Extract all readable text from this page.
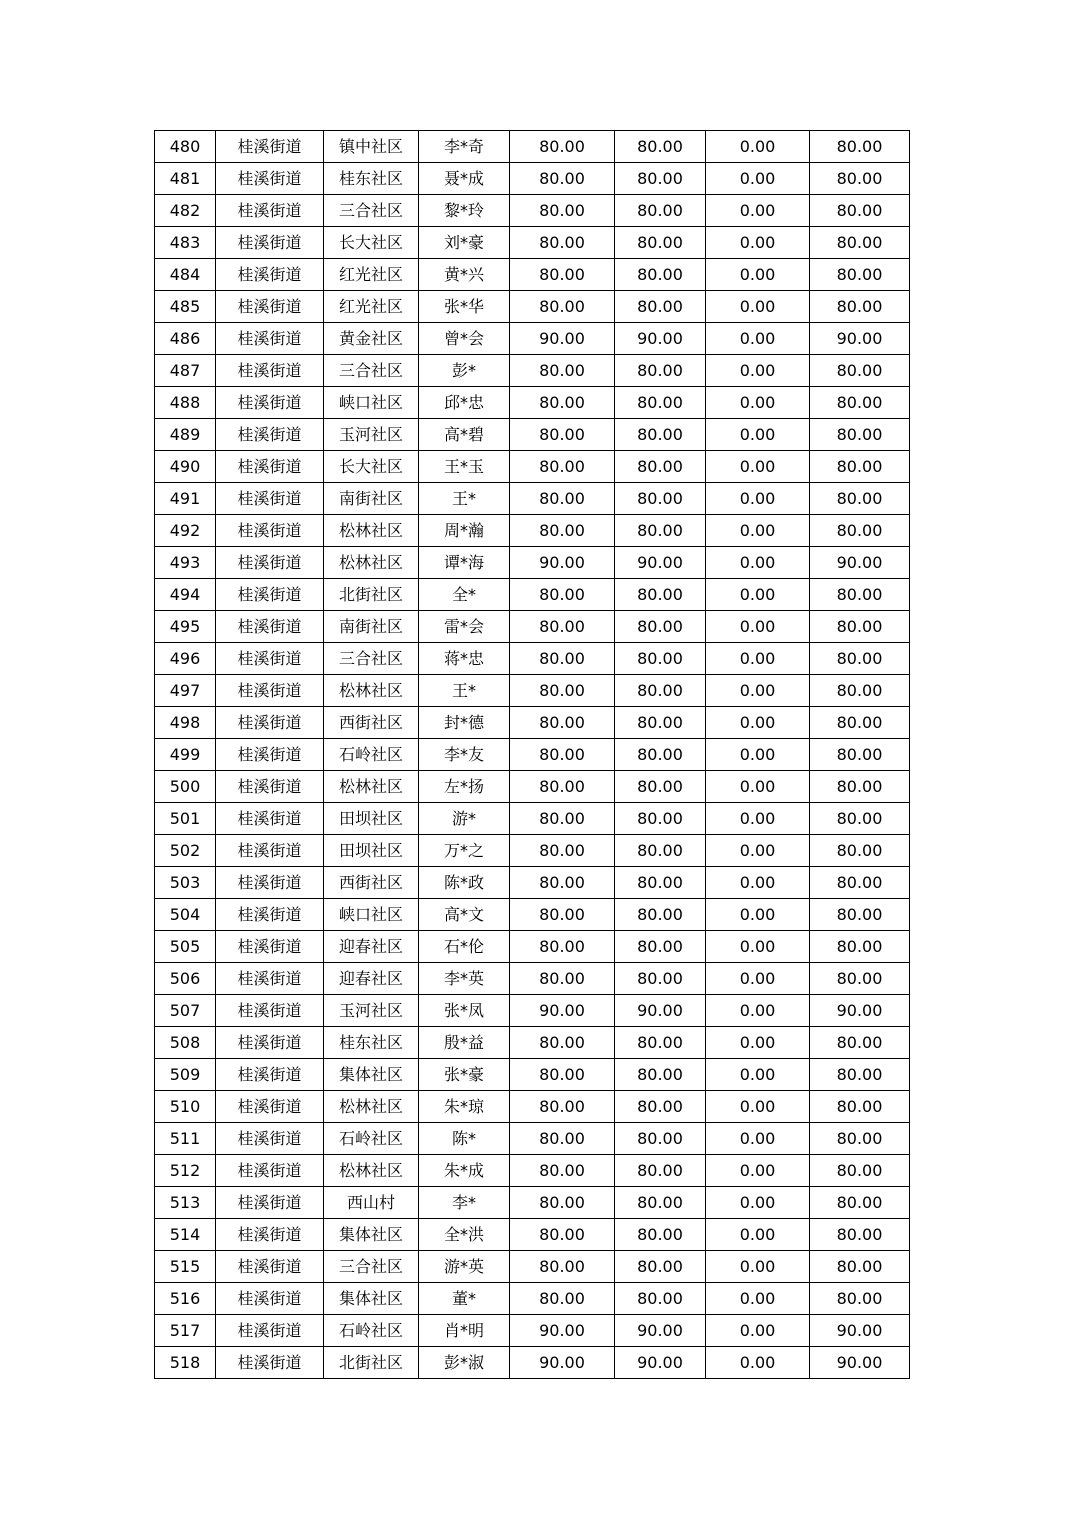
480	桂溪街道	镇中社区	李*奇	80.00	80.00	0.00	80.00
481	桂溪街道	桂东社区	聂*成	80.00	80.00	0.00	80.00
482	桂溪街道	三合社区	黎*玲	80.00	80.00	0.00	80.00
483	桂溪街道	长大社区	刘*豪	80.00	80.00	0.00	80.00
484	桂溪街道	红光社区	黄*兴	80.00	80.00	0.00	80.00
485	桂溪街道	红光社区	张*华	80.00	80.00	0.00	80.00
486	桂溪街道	黄金社区	曾*会	90.00	90.00	0.00	90.00
487	桂溪街道	三合社区	彭*	80.00	80.00	0.00	80.00
488	桂溪街道	峡口社区	邱*忠	80.00	80.00	0.00	80.00
489	桂溪街道	玉河社区	高*碧	80.00	80.00	0.00	80.00
490	桂溪街道	长大社区	王*玉	80.00	80.00	0.00	80.00
491	桂溪街道	南街社区	王*	80.00	80.00	0.00	80.00
492	桂溪街道	松林社区	周*瀚	80.00	80.00	0.00	80.00
493	桂溪街道	松林社区	谭*海	90.00	90.00	0.00	90.00
494	桂溪街道	北街社区	全*	80.00	80.00	0.00	80.00
495	桂溪街道	南街社区	雷*会	80.00	80.00	0.00	80.00
496	桂溪街道	三合社区	蒋*忠	80.00	80.00	0.00	80.00
497	桂溪街道	松林社区	王*	80.00	80.00	0.00	80.00
498	桂溪街道	西街社区	封*德	80.00	80.00	0.00	80.00
499	桂溪街道	石岭社区	李*友	80.00	80.00	0.00	80.00
500	桂溪街道	松林社区	左*扬	80.00	80.00	0.00	80.00
501	桂溪街道	田坝社区	游*	80.00	80.00	0.00	80.00
502	桂溪街道	田坝社区	万*之	80.00	80.00	0.00	80.00
503	桂溪街道	西街社区	陈*政	80.00	80.00	0.00	80.00
504	桂溪街道	峡口社区	高*文	80.00	80.00	0.00	80.00
505	桂溪街道	迎春社区	石*伦	80.00	80.00	0.00	80.00
506	桂溪街道	迎春社区	李*英	80.00	80.00	0.00	80.00
507	桂溪街道	玉河社区	张*凤	90.00	90.00	0.00	90.00
508	桂溪街道	桂东社区	殷*益	80.00	80.00	0.00	80.00
509	桂溪街道	集体社区	张*豪	80.00	80.00	0.00	80.00
510	桂溪街道	松林社区	朱*琼	80.00	80.00	0.00	80.00
511	桂溪街道	石岭社区	陈*	80.00	80.00	0.00	80.00
512	桂溪街道	松林社区	朱*成	80.00	80.00	0.00	80.00
513	桂溪街道	西山村	李*	80.00	80.00	0.00	80.00
514	桂溪街道	集体社区	全*洪	80.00	80.00	0.00	80.00
515	桂溪街道	三合社区	游*英	80.00	80.00	0.00	80.00
516	桂溪街道	集体社区	董*	80.00	80.00	0.00	80.00
517	桂溪街道	石岭社区	肖*明	90.00	90.00	0.00	90.00
518	桂溪街道	北街社区	彭*淑	90.00	90.00	0.00	90.00
